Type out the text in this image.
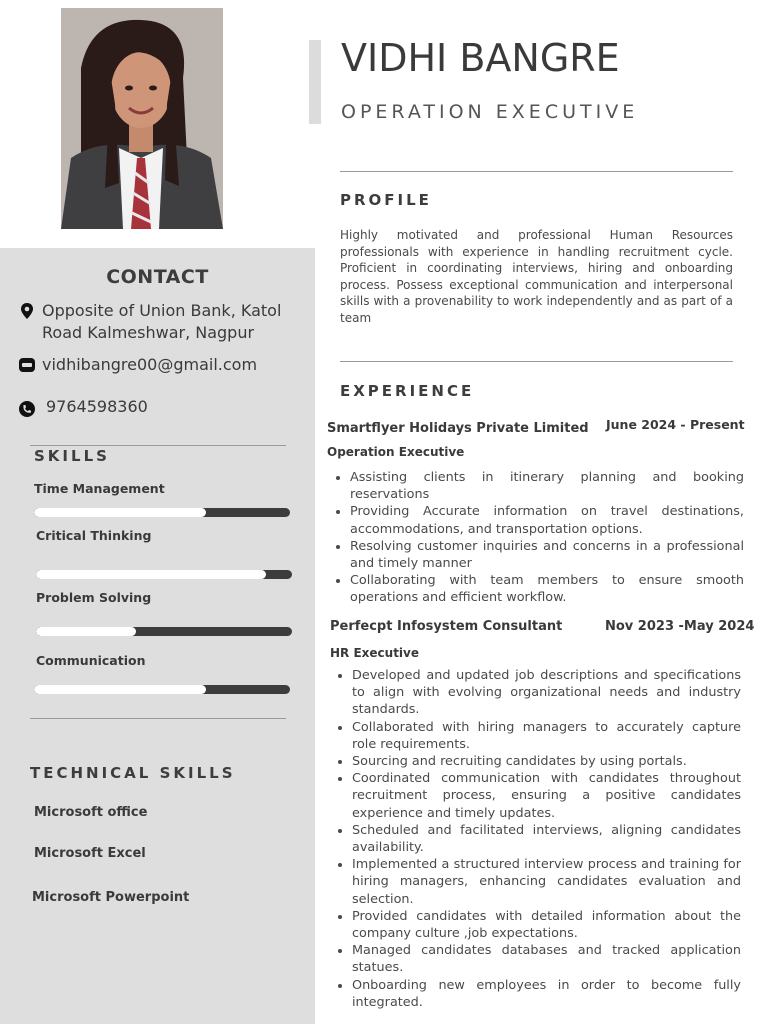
CONTACT
Opposite of Union Bank, Katol Road Kalmeshwar, Nagpur
vidhibangre00@gmail.com
9764598360
SKILLS
Time Management
Critical Thinking
Problem Solving
Communication
TECHNICAL SKILLS
Microsoft office
Microsoft Excel
Microsoft Powerpoint
VIDHI BANGRE
OPERATION EXECUTIVE
PROFILE
Highly motivated and professional Human Resources professionals with experience in handling recruitment cycle. Proficient in coordinating interviews, hiring and onboarding process. Possess exceptional communication and interpersonal skills with a provenability to work independently and as part of a team
EXPERIENCE
Smartflyer Holidays Private Limited June 2024 - Present
Operation Executive
• Assisting clients in itinerary planning and booking reservations
• Providing Accurate information on travel destinations, accommodations, and transportation options.
• Resolving customer inquiries and concerns in a professional and timely manner
• Collaborating with team members to ensure smooth operations and efficient workflow.
Perfecpt Infosystem Consultant	Nov 2023 -May 2024
HR Executive
• Developed and updated job descriptions and specifications to align with evolving organizational needs and industry standards.
• Collaborated with hiring managers to accurately capture role requirements.
• Sourcing and recruiting candidates by using portals.
• Coordinated communication with candidates throughout recruitment process, ensuring a positive candidates experience and timely updates.
• Scheduled and facilitated interviews, aligning candidates availability.
• Implemented a structured interview process and training for hiring managers, enhancing candidates evaluation and selection.
• Provided candidates with detailed information about the company culture ,job expectations.
• Managed candidates databases and tracked application statues.
• Onboarding new employees in order to become fully integrated.
